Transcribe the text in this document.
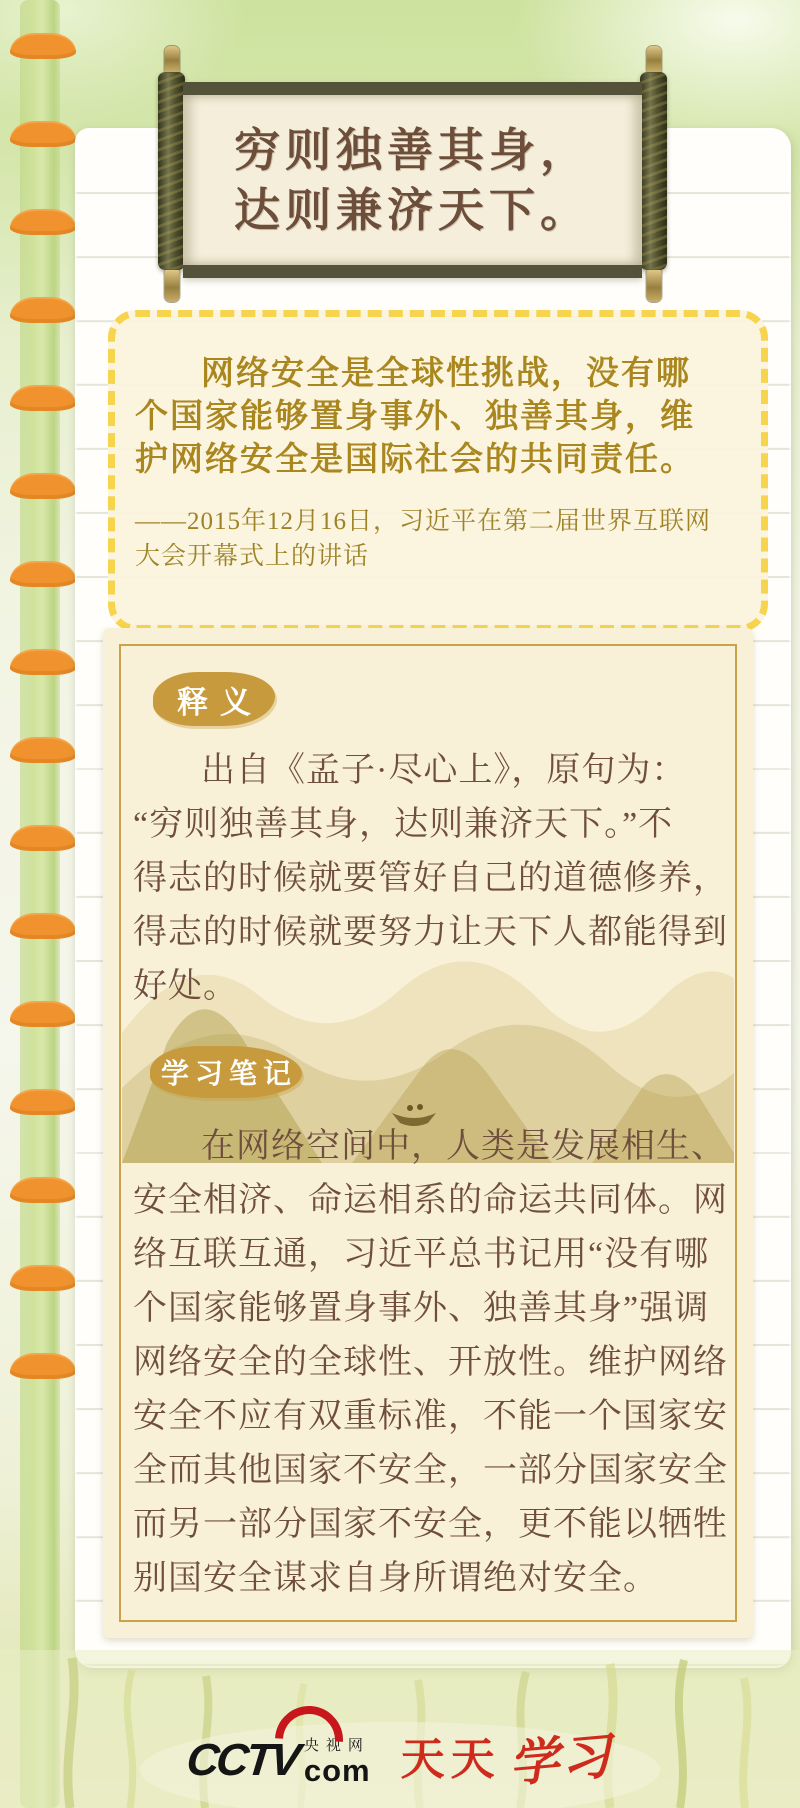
穷则独善其身，
达则兼济天下。
网络安全是全球性挑战，没有哪
个国家能够置身事外、独善其身，维
护网络安全是国际社会的共同责任。
——2015年12月16日，习近平在第二届世界互联网
大会开幕式上的讲话
释义
出自《孟子·尽心上》，原句为：
“穷则独善其身，达则兼济天下。”不
得志的时候就要管好自己的道德修养，
得志的时候就要努力让天下人都能得到
好处。
学习笔记
在网络空间中，人类是发展相生、
安全相济、命运相系的命运共同体。网
络互联互通，习近平总书记用“没有哪
个国家能够置身事外、独善其身”强调
网络安全的全球性、开放性。维护网络
安全不应有双重标准，不能一个国家安
全而其他国家不安全，一部分国家安全
而另一部分国家不安全，更不能以牺牲
别国安全谋求自身所谓绝对安全。
CCTV 央视网
com 天天 学习
